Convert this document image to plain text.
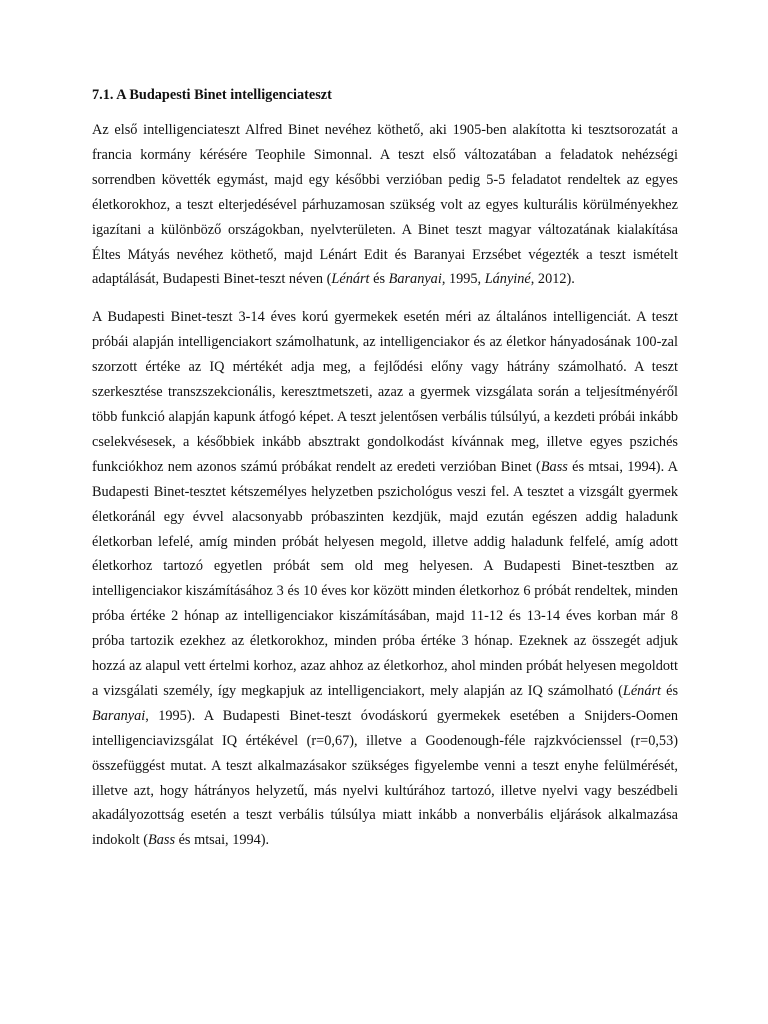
7.1. A Budapesti Binet intelligenciateszt

Az első intelligenciateszt Alfred Binet nevéhez köthető, aki 1905-ben alakította ki tesztsorozatát a francia kormány kérésére Teophile Simonnal. A teszt első változatában a feladatok nehézségi sorrendben követték egymást, majd egy későbbi verzióban pedig 5-5 feladatot rendeltek az egyes életkorokhoz, a teszt elterjedésével párhuzamosan szükség volt az egyes kulturális körülményekhez igazítani a különböző országokban, nyelvterületen. A Binet teszt magyar változatának kialakítása Éltes Mátyás nevéhez köthető, majd Lénárt Edit és Baranyai Erzsébet végezték a teszt ismételt adaptálását, Budapesti Binet-teszt néven (Lénárt és Baranyai, 1995, Lányiné, 2012).

A Budapesti Binet-teszt 3-14 éves korú gyermekek esetén méri az általános intelligenciát. A teszt próbái alapján intelligenciakort számolhatunk, az intelligenciakor és az életkor hányadosának 100-zal szorzott értéke az IQ mértékét adja meg, a fejlődési előny vagy hátrány számolható. A teszt szerkesztése transzszekcionális, keresztmetszeti, azaz a gyermek vizsgálata során a teljesítményéről több funkció alapján kapunk átfogó képet. A teszt jelentősen verbális túlsúlyú, a kezdeti próbái inkább cselekvésesek, a későbbiek inkább absztrakt gondolkodást kívánnak meg, illetve egyes pszichés funkciókhoz nem azonos számú próbákat rendelt az eredeti verzióban Binet (Bass és mtsai, 1994). A Budapesti Binet-tesztet kétszemélyes helyzetben pszichológus veszi fel. A tesztet a vizsgált gyermek életkoránál egy évvel alacsonyabb próbaszinten kezdjük, majd ezután egészen addig haladunk életkorban lefelé, amíg minden próbát helyesen megold, illetve addig haladunk felfelé, amíg adott életkorhoz tartozó egyetlen próbát sem old meg helyesen. A Budapesti Binet-tesztben az intelligenciakor kiszámításához 3 és 10 éves kor között minden életkorhoz 6 próbát rendeltek, minden próba értéke 2 hónap az intelligenciakor kiszámításában, majd 11-12 és 13-14 éves korban már 8 próba tartozik ezekhez az életkorokhoz, minden próba értéke 3 hónap. Ezeknek az összegét adjuk hozzá az alapul vett értelmi korhoz, azaz ahhoz az életkorhoz, ahol minden próbát helyesen megoldott a vizsgálati személy, így megkapjuk az intelligenciakort, mely alapján az IQ számolható (Lénárt és Baranyai, 1995). A Budapesti Binet-teszt óvodáskorú gyermekek esetében a Snijders-Oomen intelligenciavizsgálat IQ értékével (r=0,67), illetve a Goodenough-féle rajzkvócienssel (r=0,53) összefüggést mutat. A teszt alkalmazásakor szükséges figyelembe venni a teszt enyhe felülmérését, illetve azt, hogy hátrányos helyzetű, más nyelvi kultúrához tartozó, illetve nyelvi vagy beszédbeli akadályozottság esetén a teszt verbális túlsúlya miatt inkább a nonverbális eljárások alkalmazása indokolt (Bass és mtsai, 1994).
